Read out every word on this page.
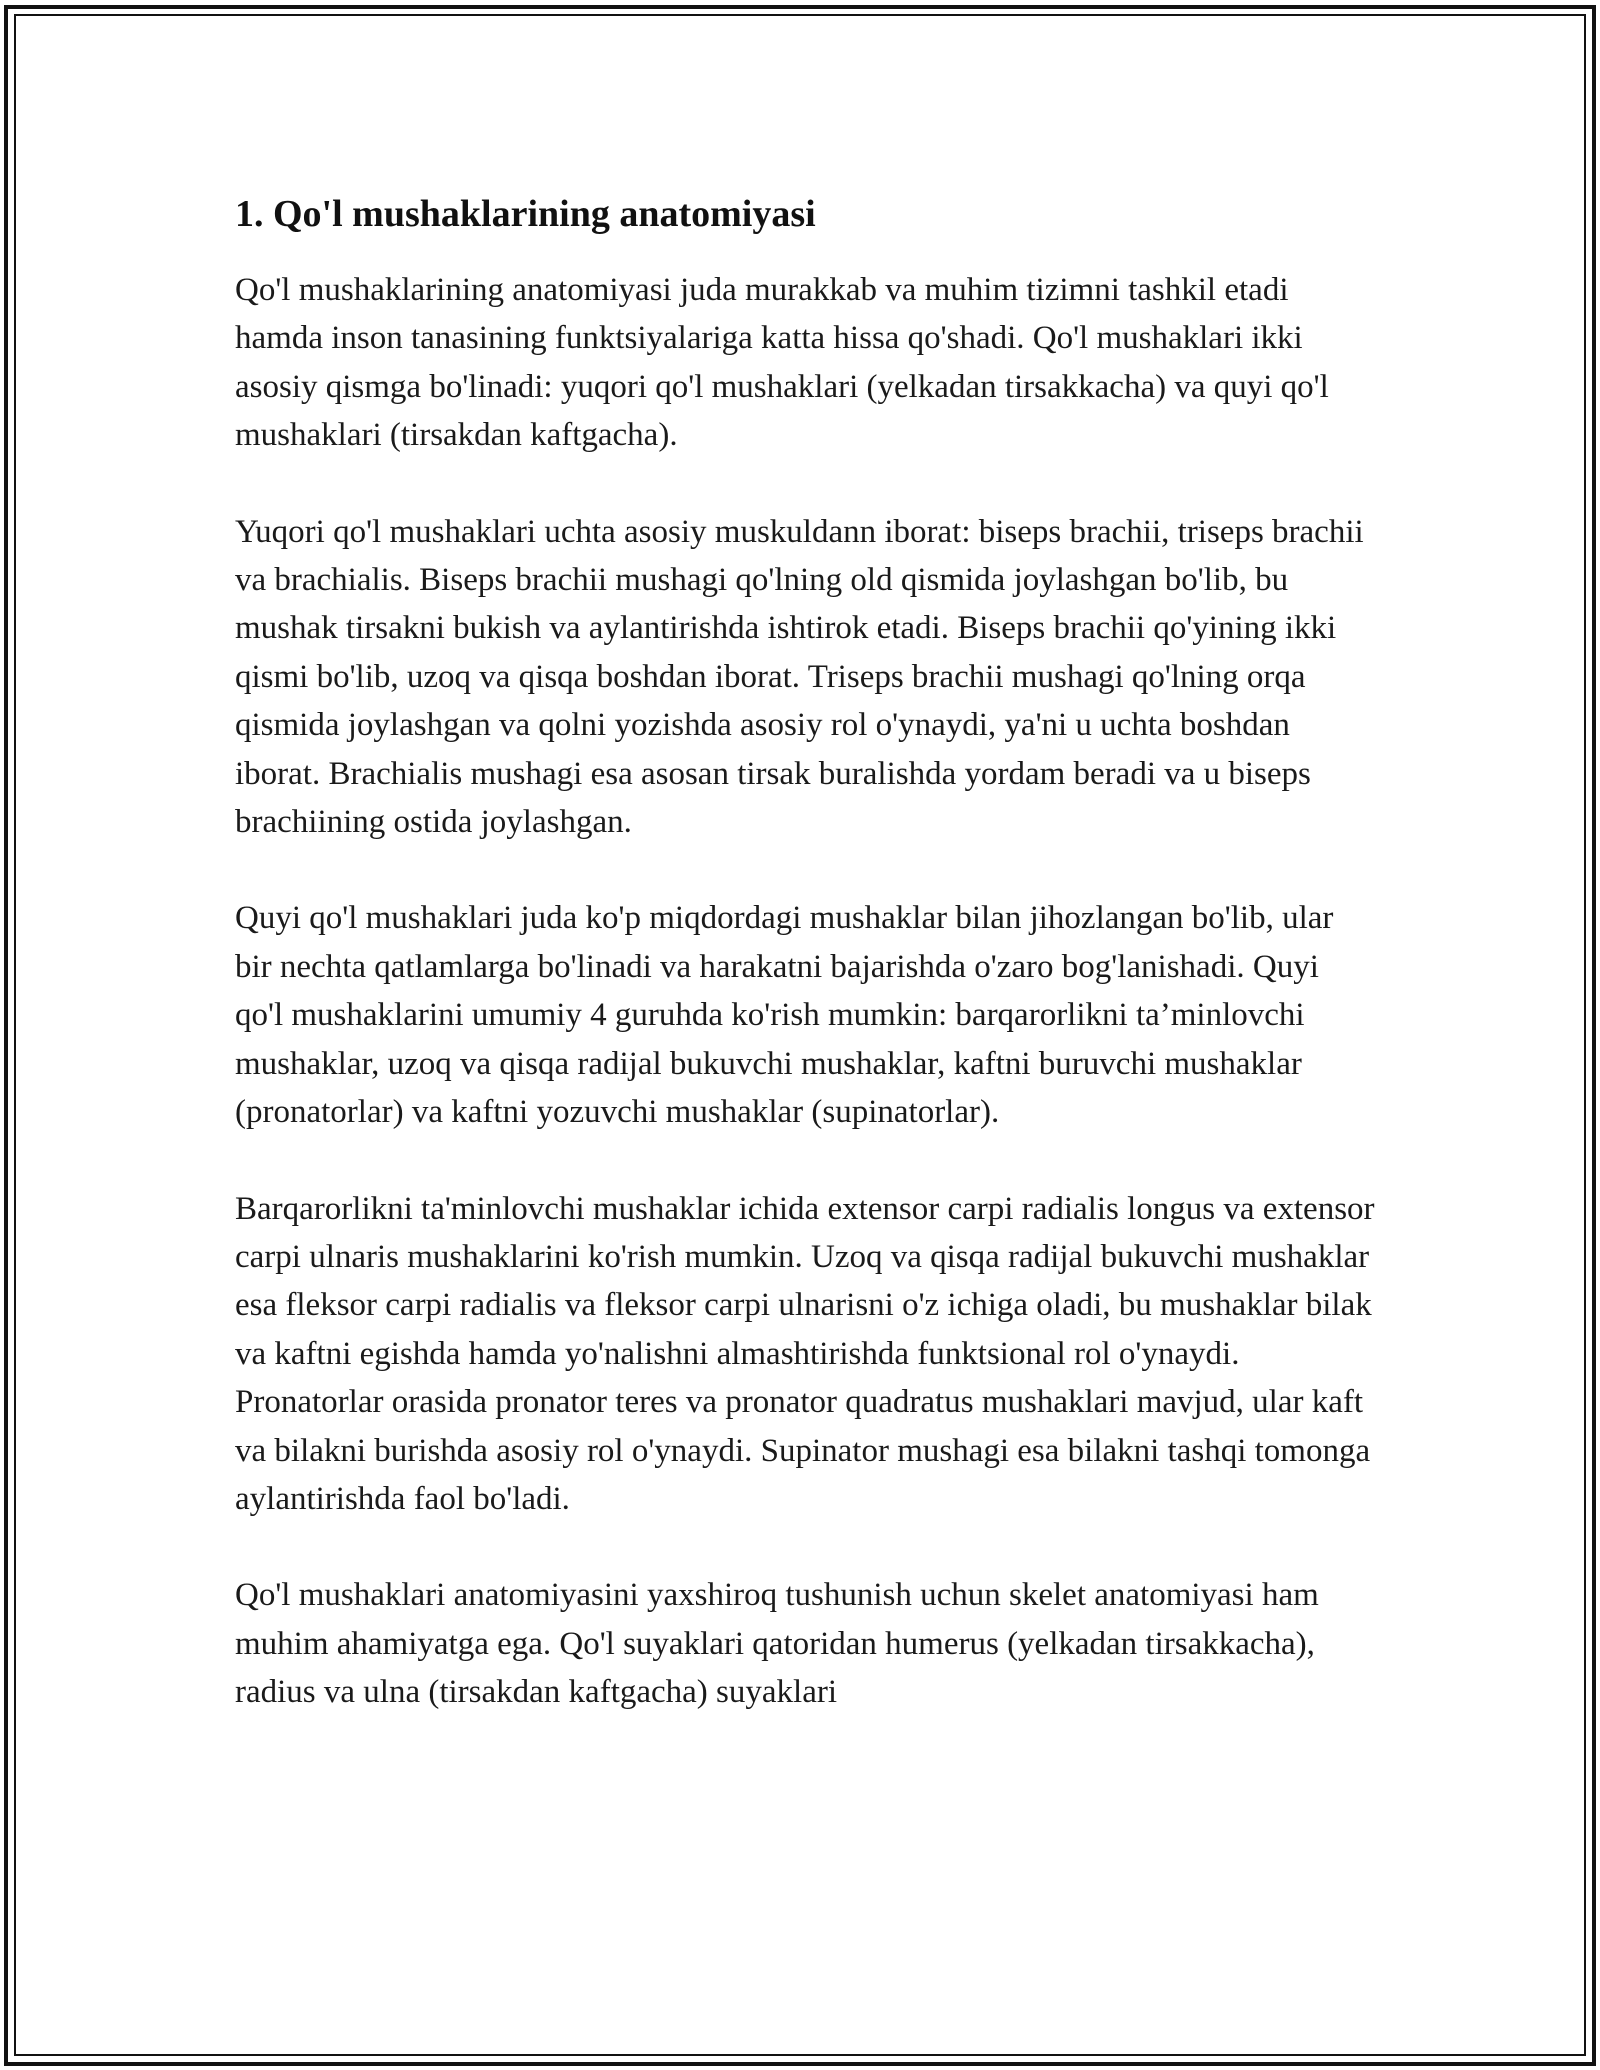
1. Qo'l mushaklarining anatomiyasi

Qo'l mushaklarining anatomiyasi juda murakkab va muhim tizimni tashkil etadi hamda inson tanasining funktsiyalariga katta hissa qo'shadi. Qo'l mushaklari ikki asosiy qismga bo'linadi: yuqori qo'l mushaklari (yelkadan tirsakkacha) va quyi qo'l mushaklari (tirsakdan kaftgacha).

Yuqori qo'l mushaklari uchta asosiy muskuldann iborat: biseps brachii, triseps brachii va brachialis. Biseps brachii mushagi qo'lning old qismida joylashgan bo'lib, bu mushak tirsakni bukish va aylantirishda ishtirok etadi. Biseps brachii qo'yining ikki qismi bo'lib, uzoq va qisqa boshdan iborat. Triseps brachii mushagi qo'lning orqa qismida joylashgan va qolni yozishda asosiy rol o'ynaydi, ya'ni u uchta boshdan iborat. Brachialis mushagi esa asosan tirsak buralishda yordam beradi va u biseps brachiining ostida joylashgan.

Quyi qo'l mushaklari juda ko'p miqdordagi mushaklar bilan jihozlangan bo'lib, ular bir nechta qatlamlarga bo'linadi va harakatni bajarishda o'zaro bog'lanishadi. Quyi qo'l mushaklarini umumiy 4 guruhda ko'rish mumkin: barqarorlikni ta’minlovchi mushaklar, uzoq va qisqa radijal bukuvchi mushaklar, kaftni buruvchi mushaklar (pronatorlar) va kaftni yozuvchi mushaklar (supinatorlar).

Barqarorlikni ta'minlovchi mushaklar ichida extensor carpi radialis longus va extensor carpi ulnaris mushaklarini ko'rish mumkin. Uzoq va qisqa radijal bukuvchi mushaklar esa fleksor carpi radialis va fleksor carpi ulnarisni o'z ichiga oladi, bu mushaklar bilak va kaftni egishda hamda yo'nalishni almashtirishda funktsional rol o'ynaydi. Pronatorlar orasida pronator teres va pronator quadratus mushaklari mavjud, ular kaft va bilakni burishda asosiy rol o'ynaydi. Supinator mushagi esa bilakni tashqi tomonga aylantirishda faol bo'ladi.

Qo'l mushaklari anatomiyasini yaxshiroq tushunish uchun skelet anatomiyasi ham muhim ahamiyatga ega. Qo'l suyaklari qatoridan humerus (yelkadan tirsakkacha), radius va ulna (tirsakdan kaftgacha) suyaklari
